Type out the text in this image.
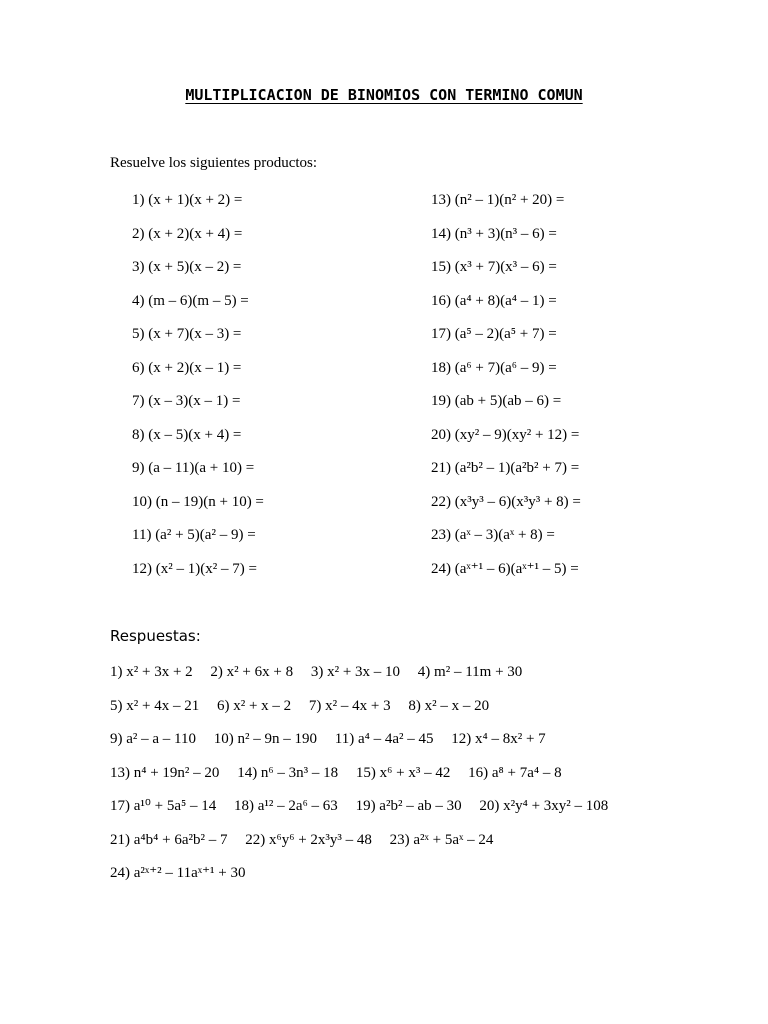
MULTIPLICACION DE BINOMIOS CON TERMINO COMUN
Resuelve los siguientes productos:
1) (x + 1)(x + 2) =
2) (x + 2)(x + 4) =
3) (x + 5)(x – 2) =
4) (m – 6)(m – 5) =
5) (x + 7)(x – 3) =
6) (x + 2)(x – 1) =
7) (x – 3)(x – 1) =
8) (x – 5)(x + 4) =
9) (a – 11)(a + 10) =
10) (n – 19)(n + 10) =
11) (a² + 5)(a² – 9) =
12) (x² – 1)(x² – 7) =
13) (n² – 1)(n² + 20) =
14) (n³ + 3)(n³ – 6) =
15) (x³ + 7)(x³ – 6) =
16) (a⁴ + 8)(a⁴ – 1) =
17) (a⁵ – 2)(a⁵ + 7) =
18) (a⁶ + 7)(a⁶ – 9) =
19) (ab + 5)(ab – 6) =
20) (xy² – 9)(xy² + 12) =
21) (a²b² – 1)(a²b² + 7) =
22) (x³y³ – 6)(x³y³ + 8) =
23) (aˣ – 3)(aˣ + 8) =
24) (aˣ⁺¹ – 6)(aˣ⁺¹ – 5) =
Respuestas:
1) x² + 3x + 2 2) x² + 6x + 8 3) x² + 3x – 10 4) m² – 11m + 30
5) x² + 4x – 21 6) x² + x – 2 7) x² – 4x + 3 8) x² – x – 20
9) a² – a – 110 10) n² – 9n – 190 11) a⁴ – 4a² – 45 12) x⁴ – 8x² + 7
13) n⁴ + 19n² – 20 14) n⁶ – 3n³ – 18 15) x⁶ + x³ – 42 16) a⁸ + 7a⁴ – 8
17) a¹⁰ + 5a⁵ – 14 18) a¹² – 2a⁶ – 63 19) a²b² – ab – 30 20) x²y⁴ + 3xy² – 108
21) a⁴b⁴ + 6a²b² – 7 22) x⁶y⁶ + 2x³y³ – 48 23) a²ˣ + 5aˣ – 24
24) a²ˣ⁺² – 11aˣ⁺¹ + 30
